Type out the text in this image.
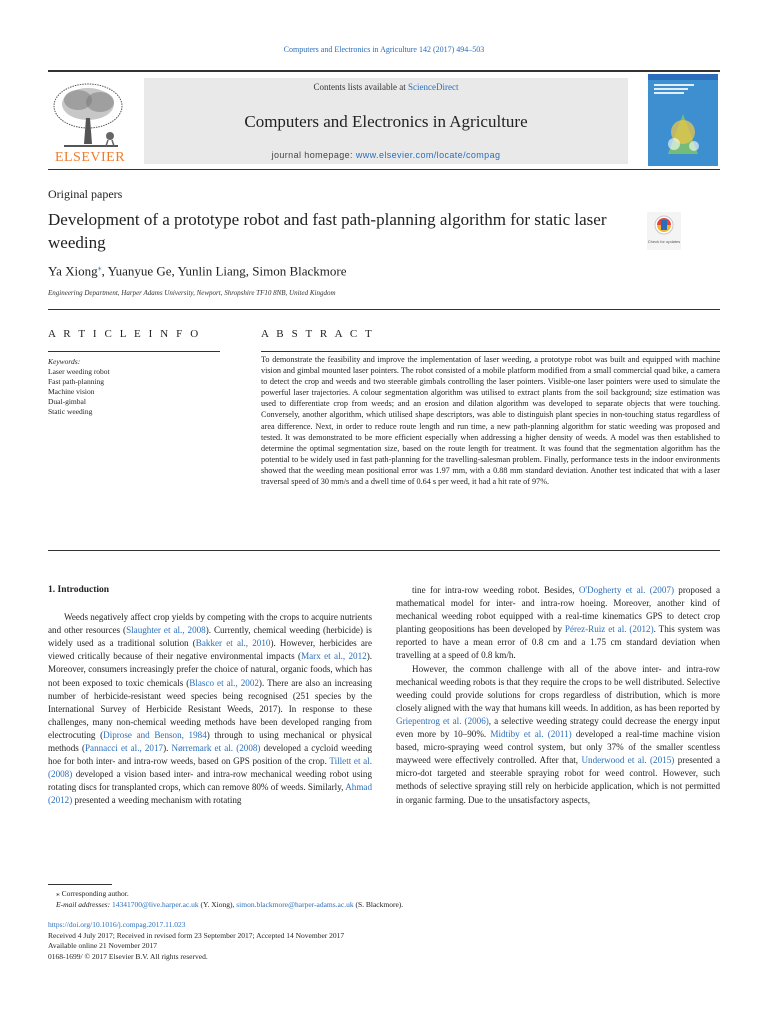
Computers and Electronics in Agriculture 142 (2017) 494–503
ELSEVIER
Contents lists available at ScienceDirect
Computers and Electronics in Agriculture
journal homepage: www.elsevier.com/locate/compag
Original papers
Development of a prototype robot and fast path-planning algorithm for static laser weeding	Check for updates
Ya Xiong⁎, Yuanyue Ge, Yunlin Liang, Simon Blackmore
Engineering Department, Harper Adams University, Newport, Shropshire TF10 8NB, United Kingdom
A R T I C L E I N F O
Keywords:
Laser weeding robot
Fast path-planning
Machine vision
Dual-gimbal
Static weeding
A B S T R A C T
To demonstrate the feasibility and improve the implementation of laser weeding, a prototype robot was built and equipped with machine vision and gimbal mounted laser pointers. The robot consisted of a mobile platform modified from a small commercial quad bike, a camera to detect the crop and weeds and two steerable gimbals controlling the laser pointers. Visible-one laser pointers were used to simulate the powerful laser trajectories. A colour segmentation algorithm was utilised to extract plants from the soil background; size estimation was used to differentiate crop from weeds; and an erosion and dilation algorithm was developed to separate objects that were touching. Conversely, another algorithm, which utilised shape descriptors, was able to distinguish plant species in non-touching status regardless of area difference. Next, in order to reduce route length and run time, a new path-planning algorithm for static weeding was proposed and tested. It was demonstrated to be more efficient especially when addressing a higher density of weeds. A model was then established to determine the optimal segmentation size, based on the route length for treatment. It was found that the segmentation algorithm has the potential to be widely used in fast path-planning for the travelling-salesman problem. Finally, performance tests in the indoor environments showed that the weeding mean positional error was 1.97 mm, with a 0.88 mm standard deviation. Another test indicated that with a laser traversal speed of 30 mm/s and a dwell time of 0.64 s per weed, it had a hit rate of 97%.
1. Introduction

Weeds negatively affect crop yields by competing with the crops to acquire nutrients and other resources (Slaughter et al., 2008). Currently, chemical weeding (herbicide) is widely used as a traditional solution (Bakker et al., 2010). However, herbicides are viewed critically because of their negative environmental impacts (Marx et al., 2012). Moreover, consumers increasingly prefer the choice of natural, organic foods, which has not been exposed to toxic chemicals (Blasco et al., 2002). There are also an increasing number of herbicide-resistant weed species being recognised (251 species by the International Survey of Herbicide Resistant Weeds, 2017). In response to these challenges, many non-chemical weeding methods have been developed ranging from electrocuting (Diprose and Benson, 1984) through to using mechanical or physical methods (Pannacci et al., 2017). Nørremark et al. (2008) developed a cycloid weeding hoe for both inter- and intra-row weeds, based on GPS position of the crop. Tillett et al. (2008) developed a vision based inter- and intra-row mechanical weeding robot using rotating discs for transplanted crops, which can remove 80% of weeds. Similarly, Ahmad (2012) presented a weeding mechanism with rotating

tine for intra-row weeding robot. Besides, O'Dogherty et al. (2007) proposed a mathematical model for inter- and intra-row hoeing. Moreover, another kind of mechanical weeding robot equipped with a real-time kinematics GPS to detect crop planting geopositions has been developed by Pérez-Ruiz et al. (2012). This system was reported to have a mean error of 0.8 cm and a 1.75 cm standard deviation when travelling at a speed of 0.8 km/h.

However, the common challenge with all of the above inter- and intra-row mechanical weeding robots is that they require the crops to be well distributed. Selective weeding could provide solutions for crops regardless of distribution, which is more closely aligned with the way that humans kill weeds. In addition, as has been reported by Griepentrog et al. (2006), a selective weeding strategy could decrease the energy input even more by 10–90%. Midtiby et al. (2011) developed a real-time machine vision based, micro-spraying weed control system, but only 37% of the smaller scentless mayweed were effectively controlled. After that, Underwood et al. (2015) presented a micro-dot targeted and steerable spraying robot for weed control. However, such methods of selective spraying still rely on herbicide application, which is not permitted in organic farming. Due to the unsatisfactory aspects,

⁎ Corresponding author.
E-mail addresses: 14341700@live.harper.ac.uk (Y. Xiong), simon.blackmore@harper-adams.ac.uk (S. Blackmore).
https://doi.org/10.1016/j.compag.2017.11.023
Received 4 July 2017; Received in revised form 23 September 2017; Accepted 14 November 2017
Available online 21 November 2017
0168-1699/ © 2017 Elsevier B.V. All rights reserved.
